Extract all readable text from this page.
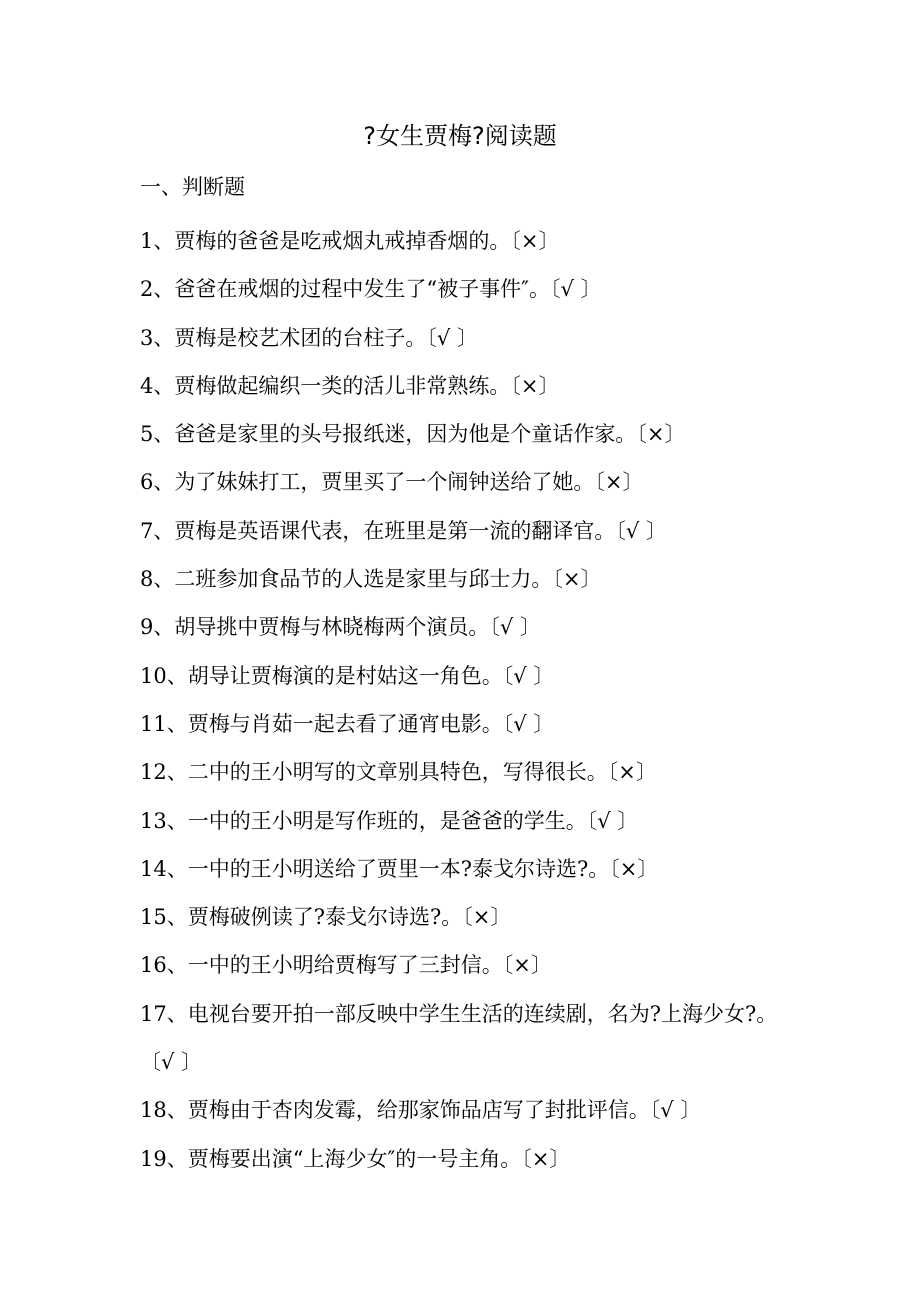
?女生贾梅?阅读题
一、判断题
1、贾梅的爸爸是吃戒烟丸戒掉香烟的。〔×〕
2、爸爸在戒烟的过程中发生了“被子事件″。〔√ 〕
3、贾梅是校艺术团的台柱子。〔√ 〕
4、贾梅做起编织一类的活儿非常熟练。〔×〕
5、爸爸是家里的头号报纸迷，因为他是个童话作家。〔×〕
6、为了妹妹打工，贾里买了一个闹钟送给了她。〔×〕
7、贾梅是英语课代表，在班里是第一流的翻译官。〔√ 〕
8、二班参加食品节的人选是家里与邱士力。〔×〕
9、胡导挑中贾梅与林晓梅两个演员。〔√ 〕
10、胡导让贾梅演的是村姑这一角色。〔√ 〕
11、贾梅与肖茹一起去看了通宵电影。〔√ 〕
12、二中的王小明写的文章别具特色，写得很长。〔×〕
13、一中的王小明是写作班的，是爸爸的学生。〔√ 〕
14、一中的王小明送给了贾里一本?泰戈尔诗选?。〔×〕
15、贾梅破例读了?泰戈尔诗选?。〔×〕
16、一中的王小明给贾梅写了三封信。〔×〕
17、电视台要开拍一部反映中学生生活的连续剧，名为?上海少女?。〔√ 〕
18、贾梅由于杏肉发霉，给那家饰品店写了封批评信。〔√ 〕
19、贾梅要出演“上海少女″的一号主角。〔×〕
